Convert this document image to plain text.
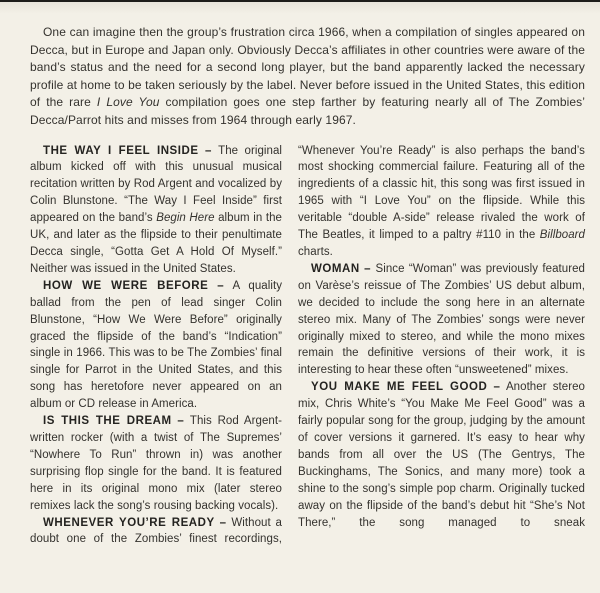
One can imagine then the group’s frustration circa 1966, when a compilation of singles appeared on Decca, but in Europe and Japan only. Obviously Decca’s affiliates in other countries were aware of the band’s status and the need for a second long player, but the band apparently lacked the necessary profile at home to be taken seriously by the label. Never before issued in the United States, this edition of the rare I Love You compilation goes one step farther by featuring nearly all of The Zombies’ Decca/Parrot hits and misses from 1964 through early 1967.

THE WAY I FEEL INSIDE – The original album kicked off with this unusual musical recitation written by Rod Argent and vocalized by Colin Blunstone. “The Way I Feel Inside” first appeared on the band’s Begin Here album in the UK, and later as the flipside to their penultimate Decca single, “Gotta Get A Hold Of Myself.” Neither was issued in the United States.

HOW WE WERE BEFORE – A quality ballad from the pen of lead singer Colin Blunstone, “How We Were Before” originally graced the flipside of the band’s “Indication” single in 1966. This was to be The Zombies’ final single for Parrot in the United States, and this song has heretofore never appeared on an album or CD release in America.

IS THIS THE DREAM – This Rod Argent-written rocker (with a twist of The Supremes’ “Nowhere To Run” thrown in) was another surprising flop single for the band. It is featured here in its original mono mix (later stereo remixes lack the song’s rousing backing vocals).

WHENEVER YOU’RE READY – Without a doubt one of the Zombies’ finest recordings,

“Whenever You’re Ready” is also perhaps the band’s most shocking commercial failure. Featuring all of the ingredients of a classic hit, this song was first issued in 1965 with “I Love You” on the flipside. While this veritable “double A-side” release rivaled the work of The Beatles, it limped to a paltry #110 in the Billboard charts.

WOMAN – Since “Woman” was previously featured on Varèse’s reissue of The Zombies’ US debut album, we decided to include the song here in an alternate stereo mix. Many of The Zombies’ songs were never originally mixed to stereo, and while the mono mixes remain the definitive versions of their work, it is interesting to hear these often “unsweetened” mixes.

YOU MAKE ME FEEL GOOD – Another stereo mix, Chris White’s “You Make Me Feel Good” was a fairly popular song for the group, judging by the amount of cover versions it garnered. It’s easy to hear why bands from all over the US (The Gentrys, The Buckinghams, The Sonics, and many more) took a shine to the song’s simple pop charm. Originally tucked away on the flipside of the band’s debut hit “She’s Not There,” the song managed to sneak
